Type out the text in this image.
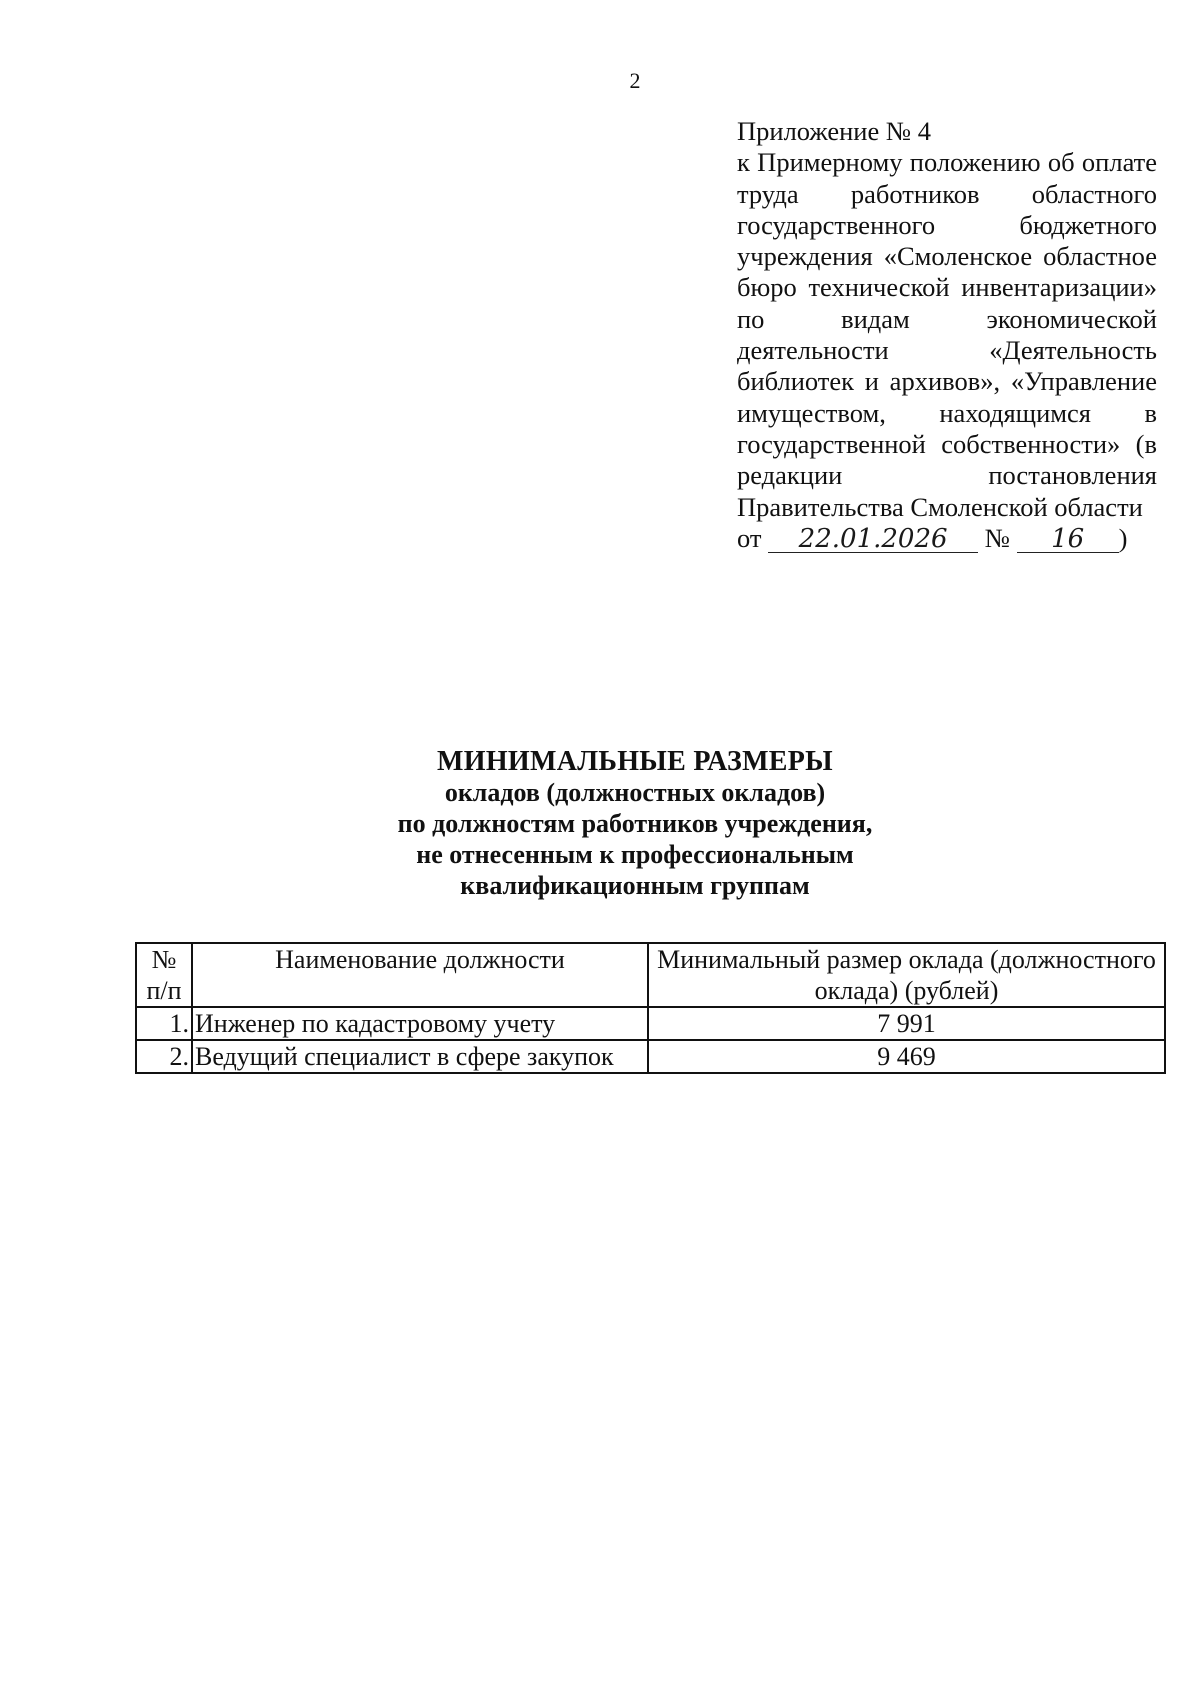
2
Приложение № 4
к Примерному положению об оплате труда работников областного государственного бюджетного учреждения «Смоленское областное бюро технической инвентаризации» по видам экономической деятельности «Деятельность библиотек и архивов», «Управление имуществом, находящимся в государственной собственности» (в редакции постановления Правительства Смоленской области
от 22.01.2026 № 16 )
МИНИМАЛЬНЫЕ РАЗМЕРЫ
окладов (должностных окладов)
по должностям работников учреждения,
не отнесенным к профессиональным
квалификационным группам
№ п/п	Наименование должности	Минимальный размер оклада (должностного оклада) (рублей)
1.	Инженер по кадастровому учету	7 991
2.	Ведущий специалист в сфере закупок	9 469
